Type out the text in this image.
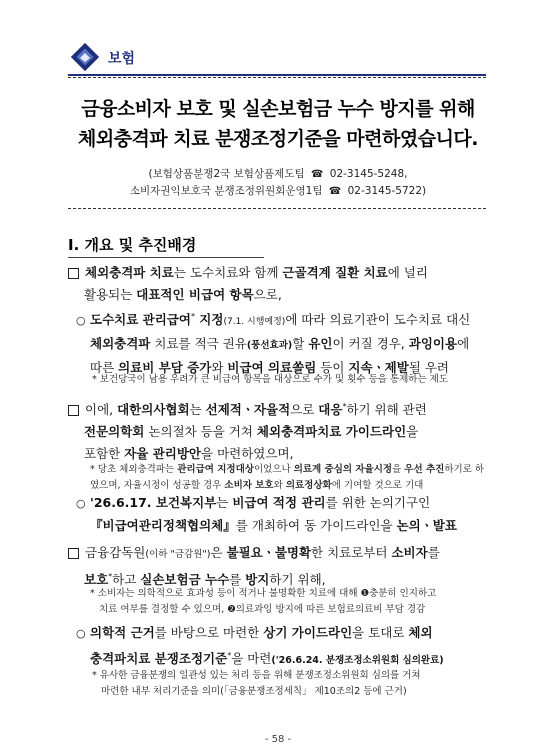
보험
금융소비자 보호 및 실손보험금 누수 방지를 위해
체외충격파 치료 분쟁조정기준을 마련하였습니다.
(보험상품분쟁2국 보험상품제도팀 ☎ 02-3145-5248,
소비자권익보호국 분쟁조정위원회운영1팀 ☎ 02-3145-5722)
Ⅰ. 개요 및 추진배경
체외충격파 치료는 도수치료와 함께 근골격계 질환 치료에 널리
활용되는 대표적인 비급여 항목으로,
○ 도수치료 관리급여* 지정(7.1. 시행예정)에 따라 의료기관이 도수치료 대신
체외충격파 치료를 적극 권유(풍선효과)할 유인이 커질 경우, 과잉이용에
따른 의료비 부담 증가와 비급여 의료쏠림 등이 지속ㆍ제발될 우려
* 보건당국이 남용 우려가 큰 비급여 항목을 대상으로 수가 및 횟수 등을 통제하는 제도
이에, 대한의사협회는 선제적ㆍ자율적으로 대응*하기 위해 관련
전문의학회 논의절차 등을 거쳐 체외충격파치료 가이드라인을
포함한 자율 관리방안을 마련하였으며,
* 당초 체외충격파는 관리급여 지정대상이었으나 의료계 중심의 자율시정을 우선 추진하기로 하였으며, 자율시정이 성공할 경우 소비자 보호와 의료정상화에 기여할 것으로 기대
○ '26.6.17. 보건복지부는 비급여 적정 관리를 위한 논의기구인
『비급여관리정책협의체』를 개최하여 동 가이드라인을 논의ㆍ발표
금융감독원(이하 "금감원")은 불필요ㆍ불명확한 치료로부터 소비자를
보호*하고 실손보험금 누수를 방지하기 위해,
* 소비자는 의학적으로 효과성 등이 적거나 불명확한 치료에 대해 ❶충분히 인지하고
치료 여부를 결정할 수 있으며, ❷의료과잉 방지에 따른 보험료의료비 부담 경감
○ 의학적 근거를 바탕으로 마련한 상기 가이드라인을 토대로 체외
충격파치료 분쟁조정기준*을 마련('26.6.24. 분쟁조정소위원회 심의완료)
* 유사한 금융분쟁의 일관성 있는 처리 등을 위해 분쟁조정소위원회 심의를 거쳐
마련한 내부 처리기준을 의미(「금융분쟁조정세칙」 제10조의2 등에 근거)
- 58 -
